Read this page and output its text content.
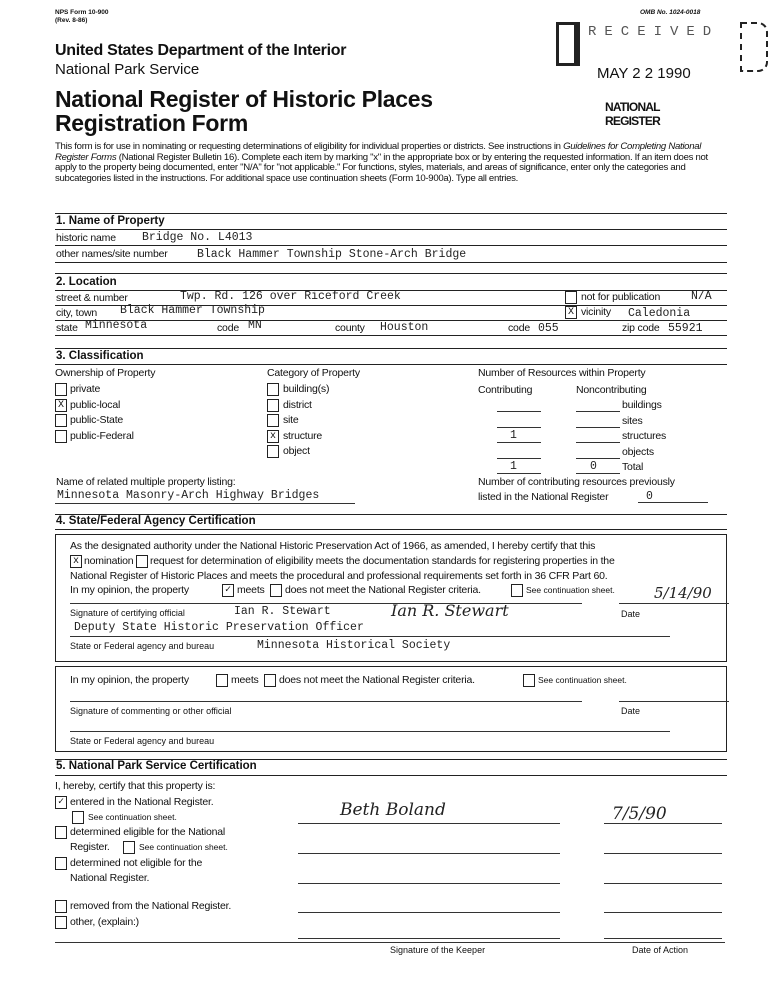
NPS Form 10-900
(Rev. 8-86)
OMB No. 1024-0018
United States Department of the Interior
National Park Service
National Register of Historic Places
Registration Form
RECEIVED
MAY 2 2 1990
NATIONAL
REGISTER
This form is for use in nominating or requesting determinations of eligibility for individual properties or districts. See instructions in Guidelines for Completing National Register Forms (National Register Bulletin 16). Complete each item by marking "x" in the appropriate box or by entering the requested information. If an item does not apply to the property being documented, enter "N/A" for "not applicable." For functions, styles, materials, and areas of significance, enter only the categories and subcategories listed in the instructions. For additional space use continuation sheets (Form 10-900a). Type all entries.
1. Name of Property
historic name Bridge No. L4013
other names/site number	Black Hammer Township Stone-Arch Bridge
2. Location
street & number	Twp. Rd. 126 over Riceford Creek	not for publication	N/A
city, town Black Hammer Township	X vicinity Caledonia
state Minnesota	code MN	county Houston	code 055	zip code 55921
3. Classification
Ownership of Property	Category of Property	Number of Resources within Property
Contributing	Noncontributing
private
X public-local
public-State
public-Federal
building(s)
district
site
x structure
object
buildings
sites
1	structures
objects
1	0 Total
Name of related multiple property listing:
Minnesota Masonry-Arch Highway Bridges
Number of contributing resources previously
listed in the National Register	0
4. State/Federal Agency Certification
As the designated authority under the National Historic Preservation Act of 1966, as amended, I hereby certify that this
x nomination request for determination of eligibility meets the documentation standards for registering properties in the
National Register of Historic Places and meets the procedural and professional requirements set forth in 36 CFR Part 60.
In my opinion, the property	✓ meets does not meet the National Register criteria.	See continuation sheet.
Ian R. Stewart
5/14/90
Signature of certifying official	Ian R. Stewart	Date
Deputy State Historic Preservation Officer
State or Federal agency and bureau	Minnesota Historical Society
In my opinion, the property	meets does not meet the National Register criteria.	See continuation sheet.
Signature of commenting or other official	Date
State or Federal agency and bureau
5. National Park Service Certification
I, hereby, certify that this property is:
✓ entered in the National Register.
See continuation sheet.
determined eligible for the National
Register.	See continuation sheet.
determined not eligible for the
National Register.
removed from the National Register.
other, (explain:)
Beth Boland	7/5/90
Signature of the Keeper	Date of Action
